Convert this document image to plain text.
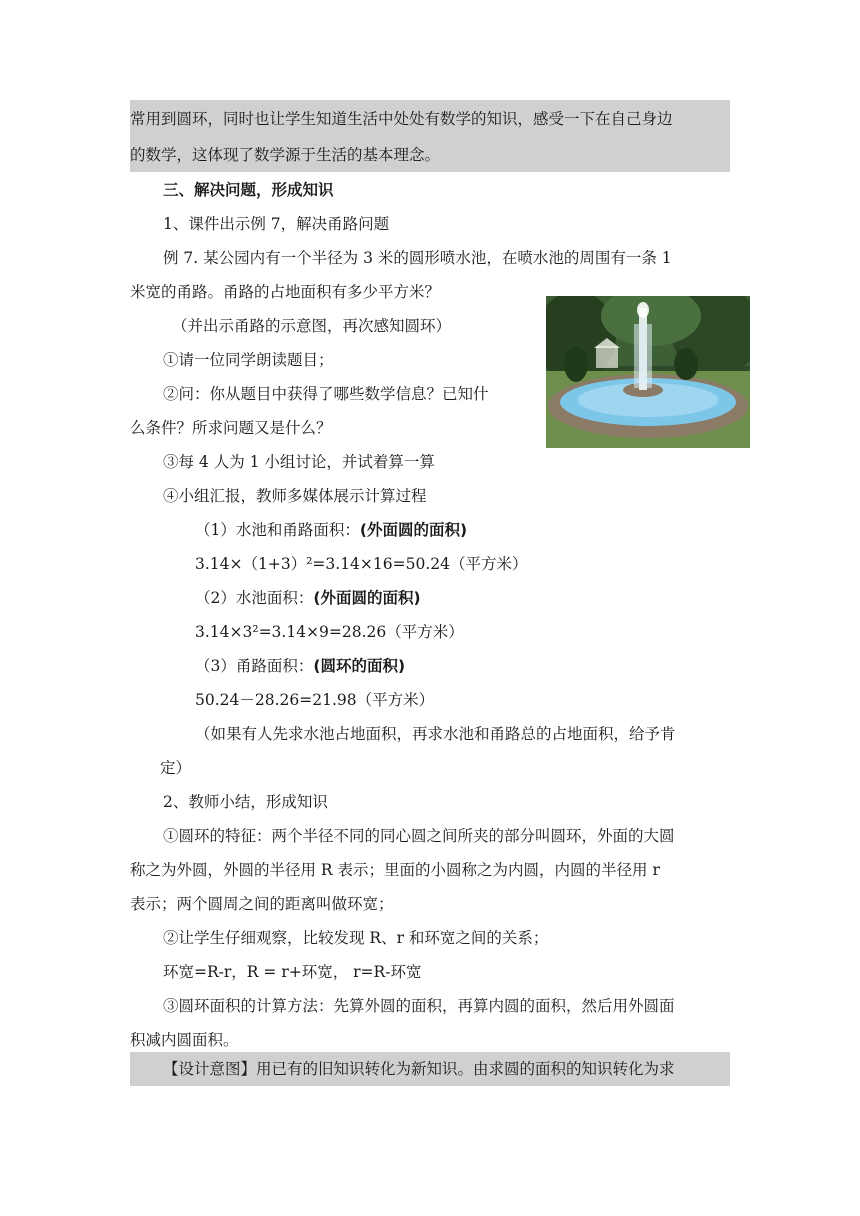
常用到圆环，同时也让学生知道生活中处处有数学的知识，感受一下在自己身边
的数学，这体现了数学源于生活的基本理念。
三、解决问题，形成知识
1、课件出示例 7，解决甬路问题
例 7. 某公园内有一个半径为 3 米的圆形喷水池，在喷水池的周围有一条 1
米宽的甬路。甬路的占地面积有多少平方米？
（并出示甬路的示意图，再次感知圆环）
①请一位同学朗读题目；
②问：你从题目中获得了哪些数学信息？已知什
么条件？所求问题又是什么？
③每 4 人为 1 小组讨论，并试着算一算
④小组汇报，教师多媒体展示计算过程
（1）水池和甬路面积：(外面圆的面积)
3.14×（1+3）²=3.14×16=50.24（平方米）
（2）水池面积：(外面圆的面积)
3.14×3²=3.14×9=28.26（平方米）
（3）甬路面积：(圆环的面积)
50.24－28.26=21.98（平方米）
（如果有人先求水池占地面积，再求水池和甬路总的占地面积，给予肯
定）
2、教师小结，形成知识
①圆环的特征：两个半径不同的同心圆之间所夹的部分叫圆环，外面的大圆
称之为外圆，外圆的半径用 R 表示；里面的小圆称之为内圆，内圆的半径用 r
表示；两个圆周之间的距离叫做环宽；
②让学生仔细观察，比较发现 R、r 和环宽之间的关系；
环宽=R-r，R = r+环宽， r=R-环宽
③圆环面积的计算方法：先算外圆的面积，再算内圆的面积，然后用外圆面
积减内圆面积。
【设计意图】用已有的旧知识转化为新知识。由求圆的面积的知识转化为求
